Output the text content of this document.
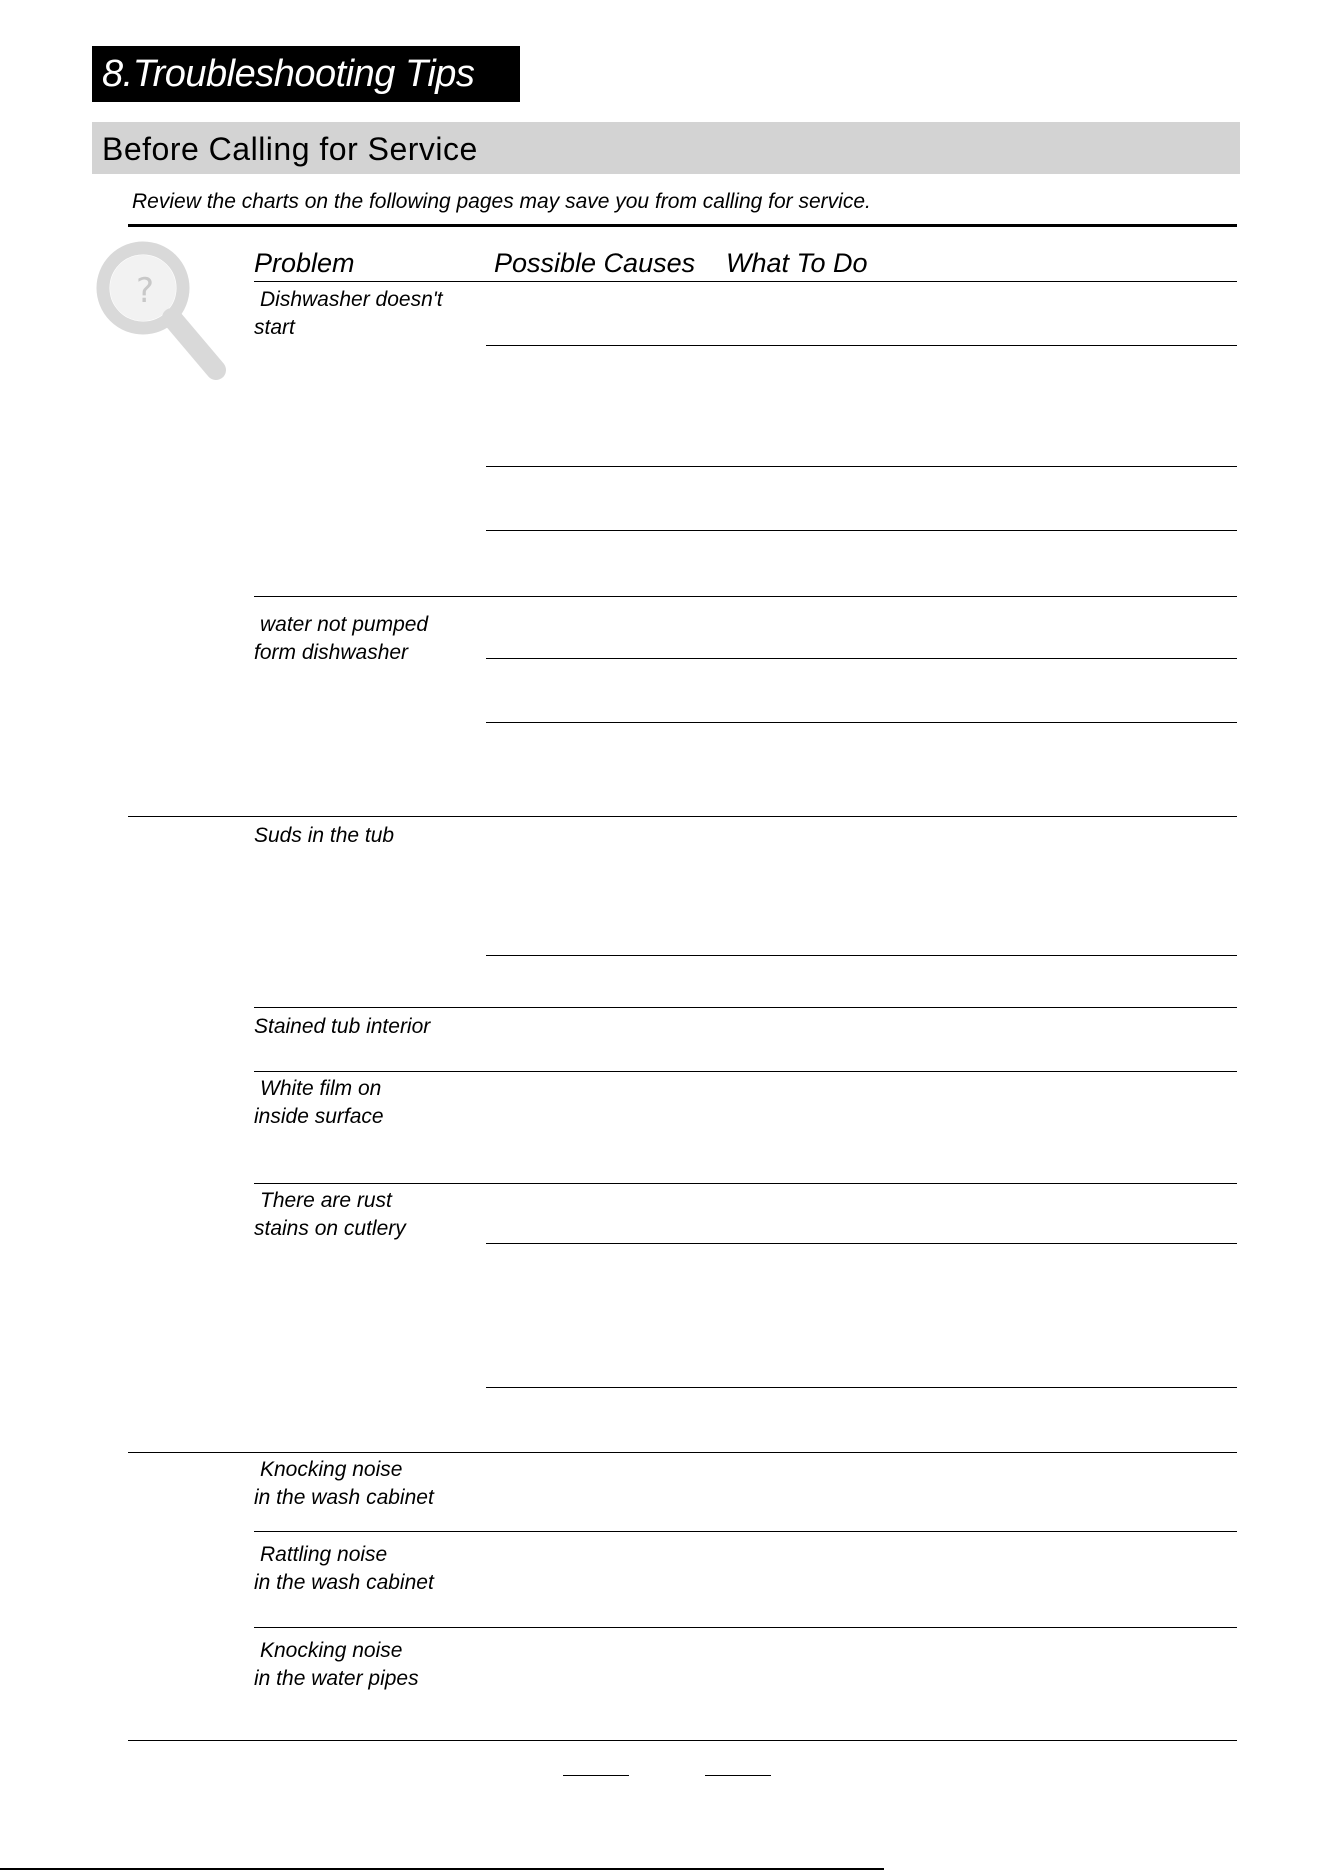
8.Troubleshooting Tips
Before Calling for Service
Review the charts on the following pages may save you from calling for service.
?
Problem	Possible Causes What To Do
Dishwasher doesn't
start
water not pumped
form dishwasher
Suds in the tub
Stained tub interior
White film on
inside surface
There are rust
stains on cutlery
Knocking noise
in the wash cabinet
Rattling noise
in the wash cabinet
Knocking noise
in the water pipes
